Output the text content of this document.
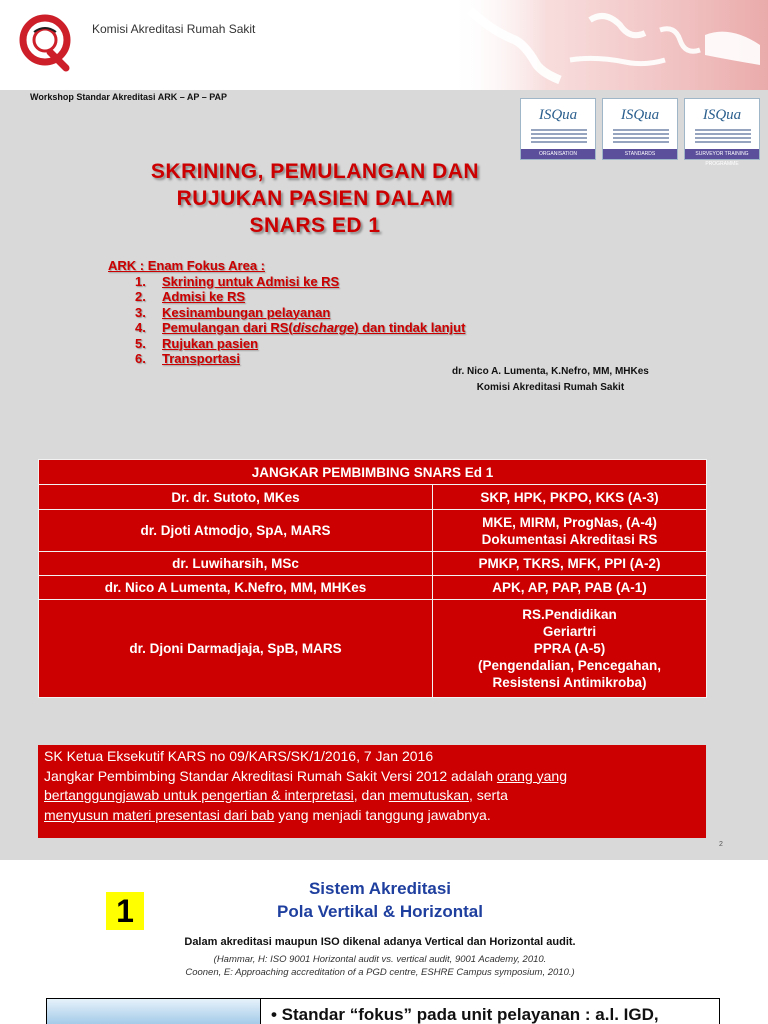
Komisi Akreditasi Rumah Sakit
Workshop Standar Akreditasi ARK – AP – PAP
ISQua
ORGANISATION
ISQua
STANDARDS
ISQua
SURVEYOR TRAINING PROGRAMME
SKRINING, PEMULANGAN DAN
RUJUKAN PASIEN DALAM
SNARS ED 1
ARK : Enam Fokus Area :
1.	Skrining untuk Admisi ke RS
2.	Admisi ke RS
3.	Kesinambungan pelayanan
4.	Pemulangan dari RS(discharge) dan tindak lanjut
5.	Rujukan pasien
6.	Transportasi
dr. Nico A. Lumenta, K.Nefro, MM, MHKes
Komisi Akreditasi Rumah Sakit
JANGKAR PEMBIMBING SNARS Ed 1	
Dr. dr. Sutoto, MKes	SKP, HPK, PKPO, KKS (A-3)

dr. Djoti Atmodjo, SpA, MARS	MKE, MIRM, ProgNas, (A-4)
Dokumentasi Akreditasi RS

dr. Luwiharsih, MSc	PMKP, TKRS, MFK, PPI (A-2)

dr. Nico A Lumenta, K.Nefro, MM, MHKes	APK, AP, PAP, PAB (A-1)

dr. Djoni Darmadjaja, SpB, MARS	RS.Pendidikan
Geriartri
PPRA (A-5)
(Pengendalian, Pencegahan,
Resistensi Antimikroba)
SK Ketua Eksekutif KARS no 09/KARS/SK/1/2016, 7 Jan 2016
Jangkar Pembimbing Standar Akreditasi Rumah Sakit Versi 2012 adalah orang yang
bertanggungjawab untuk pengertian & interpretasi, dan memutuskan, serta
menyusun materi presentasi dari bab yang menjadi tanggung jawabnya.
2
1
Sistem Akreditasi
Pola Vertikal & Horizontal
Dalam akreditasi maupun ISO dikenal adanya Vertical dan Horizontal audit.
(Hammar, H: ISO 9001 Horizontal audit vs. vertical audit, 9001 Academy, 2010.
Coonen, E: Approaching accreditation of a PGD centre, ESHRE Campus symposium, 2010.)
• Standar “fokus” pada unit pelayanan : a.l. IGD,
